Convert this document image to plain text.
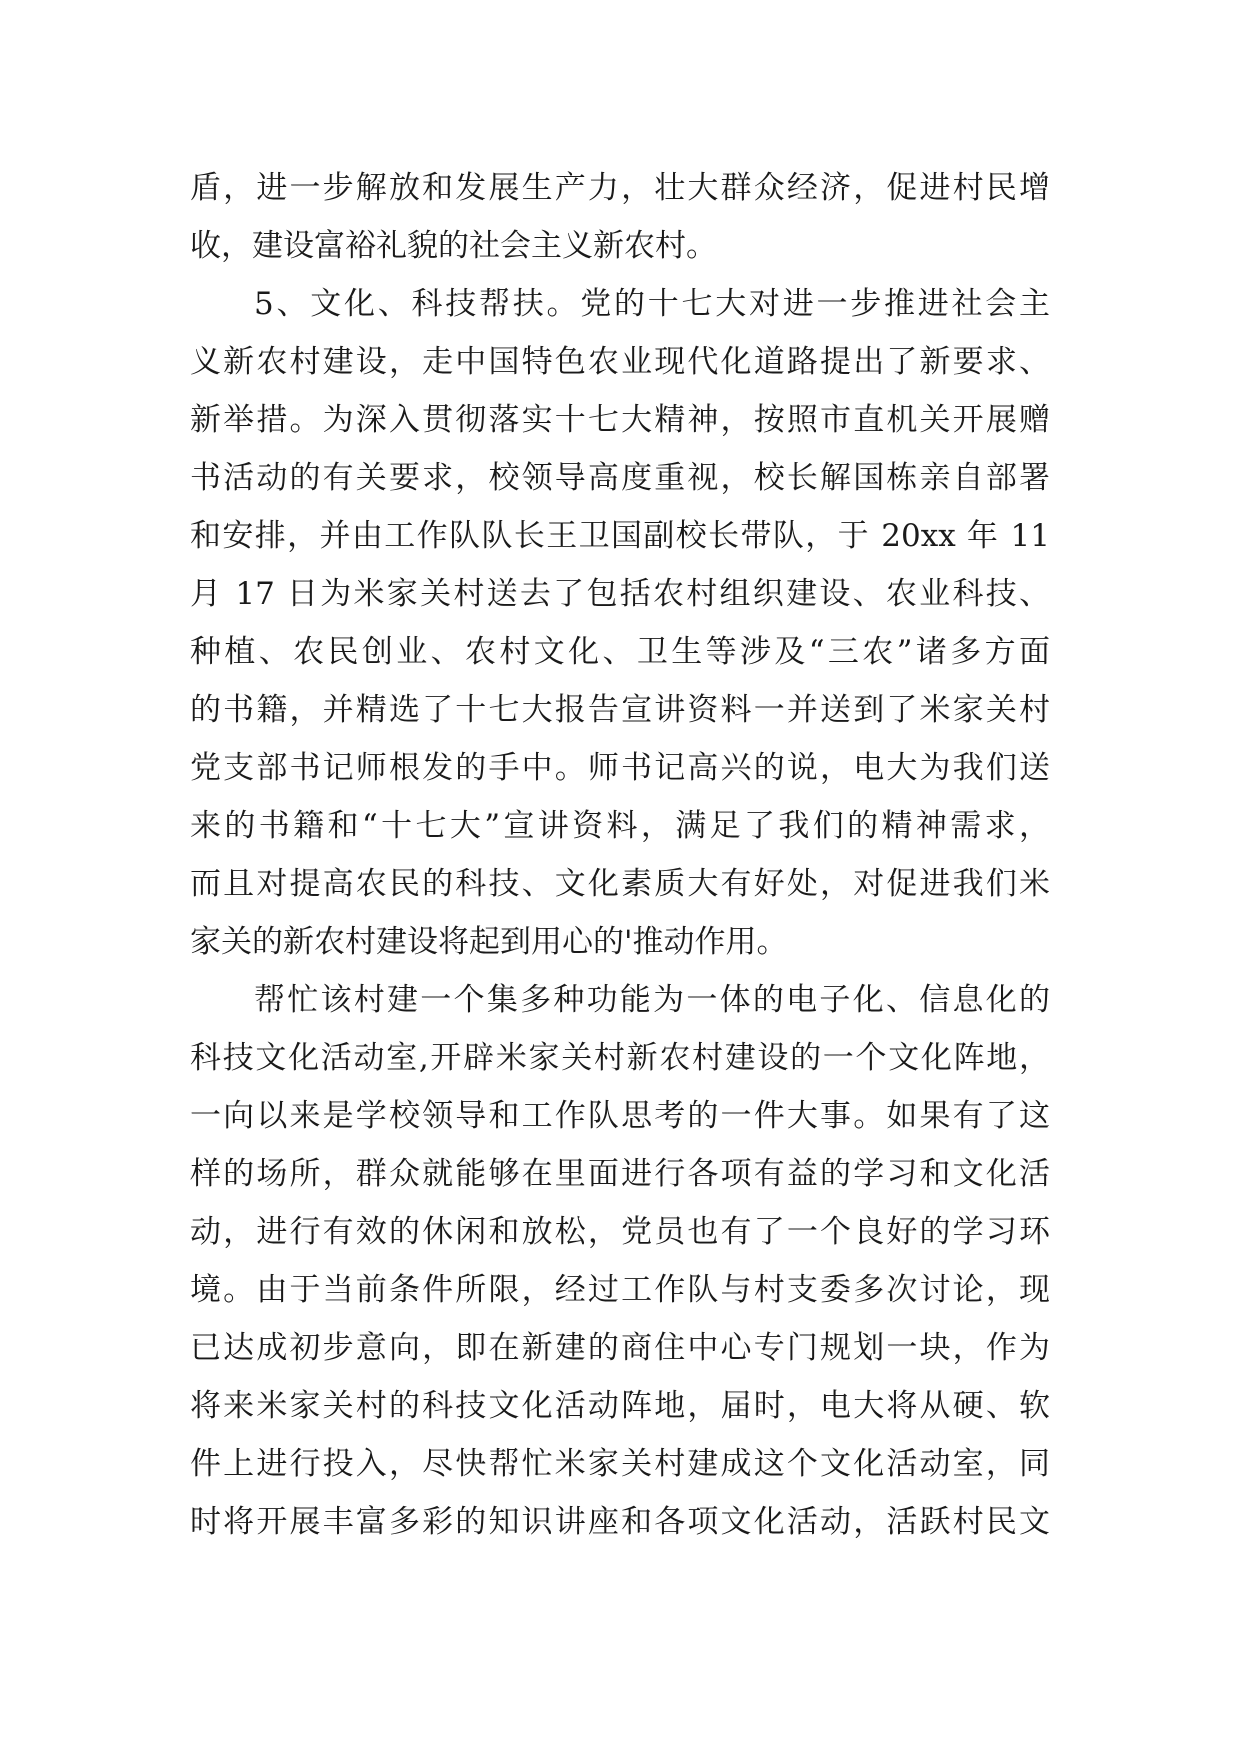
盾，进一步解放和发展生产力，壮大群众经济，促进村民增
收，建设富裕礼貌的社会主义新农村。
5、文化、科技帮扶。党的十七大对进一步推进社会主
义新农村建设，走中国特色农业现代化道路提出了新要求、
新举措。为深入贯彻落实十七大精神，按照市直机关开展赠
书活动的有关要求，校领导高度重视，校长解国栋亲自部署
和安排，并由工作队队长王卫国副校长带队，于 20xx 年 11
月 17 日为米家关村送去了包括农村组织建设、农业科技、
种植、农民创业、农村文化、卫生等涉及“三农”诸多方面
的书籍，并精选了十七大报告宣讲资料一并送到了米家关村
党支部书记师根发的手中。师书记高兴的说，电大为我们送
来的书籍和“十七大”宣讲资料，满足了我们的精神需求，
而且对提高农民的科技、文化素质大有好处，对促进我们米
家关的新农村建设将起到用心的'推动作用。
帮忙该村建一个集多种功能为一体的电子化、信息化的
科技文化活动室,开辟米家关村新农村建设的一个文化阵地，
一向以来是学校领导和工作队思考的一件大事。如果有了这
样的场所，群众就能够在里面进行各项有益的学习和文化活
动，进行有效的休闲和放松，党员也有了一个良好的学习环
境。由于当前条件所限，经过工作队与村支委多次讨论，现
已达成初步意向，即在新建的商住中心专门规划一块，作为
将来米家关村的科技文化活动阵地，届时，电大将从硬、软
件上进行投入，尽快帮忙米家关村建成这个文化活动室，同
时将开展丰富多彩的知识讲座和各项文化活动，活跃村民文
